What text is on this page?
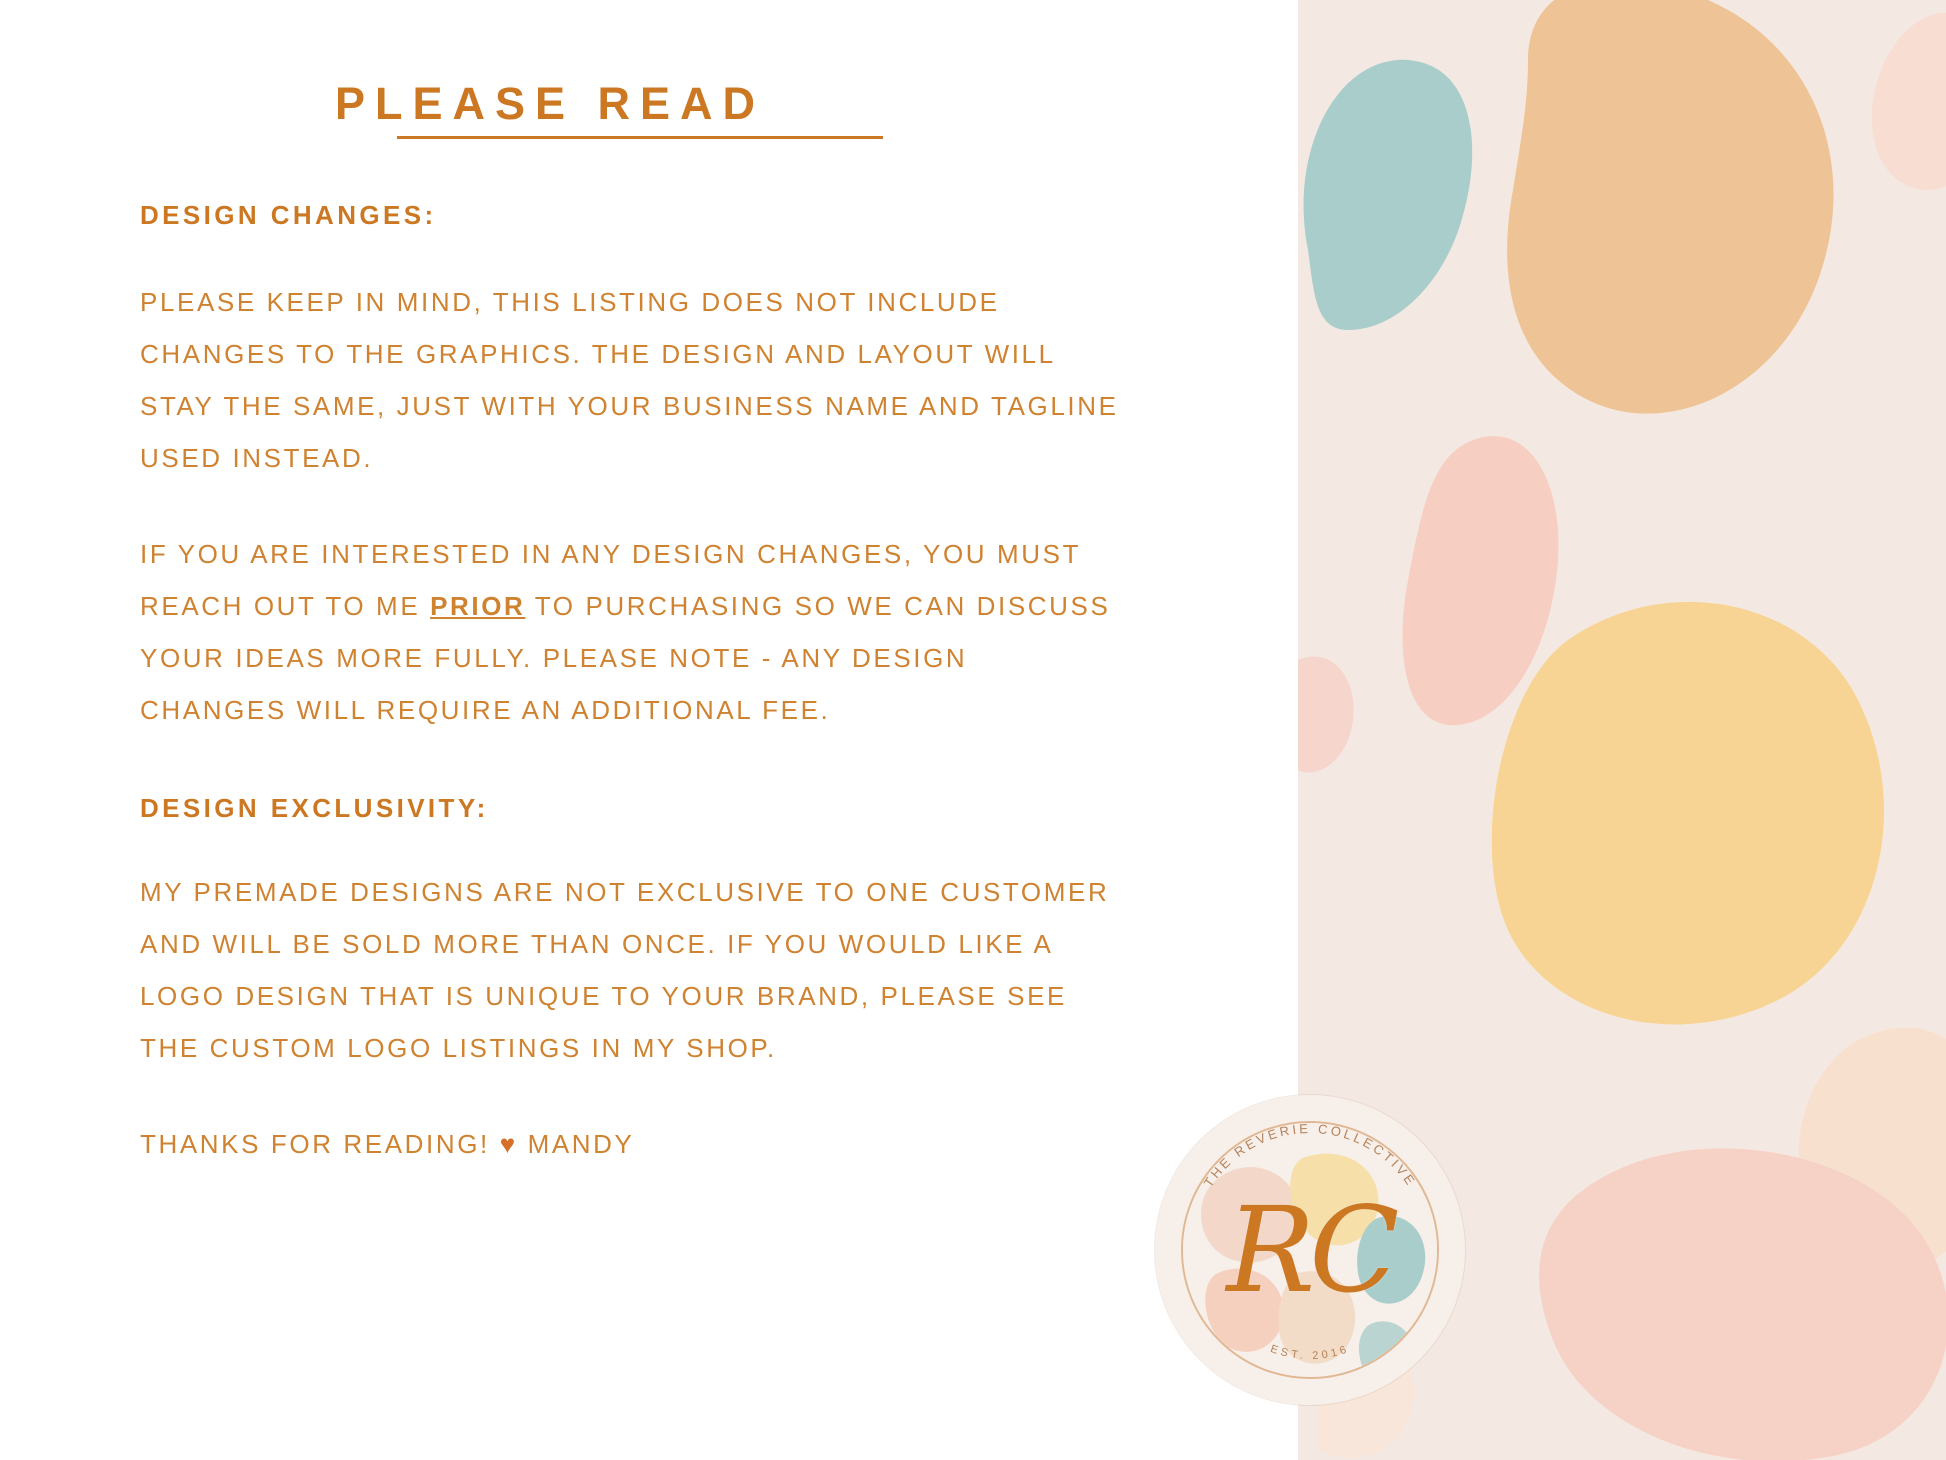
PLEASE READ
DESIGN CHANGES:

PLEASE KEEP IN MIND, THIS LISTING DOES NOT INCLUDE CHANGES TO THE GRAPHICS. THE DESIGN AND LAYOUT WILL STAY THE SAME, JUST WITH YOUR BUSINESS NAME AND TAGLINE USED INSTEAD.

IF YOU ARE INTERESTED IN ANY DESIGN CHANGES, YOU MUST REACH OUT TO ME PRIOR TO PURCHASING SO WE CAN DISCUSS YOUR IDEAS MORE FULLY. PLEASE NOTE - ANY DESIGN CHANGES WILL REQUIRE AN ADDITIONAL FEE.

DESIGN EXCLUSIVITY:

MY PREMADE DESIGNS ARE NOT EXCLUSIVE TO ONE CUSTOMER AND WILL BE SOLD MORE THAN ONCE. IF YOU WOULD LIKE A LOGO DESIGN THAT IS UNIQUE TO YOUR BRAND, PLEASE SEE THE CUSTOM LOGO LISTINGS IN MY SHOP.

THANKS FOR READING! ♥ MANDY

RC
THE REVERIE COLLECTIVE
EST. 2016
